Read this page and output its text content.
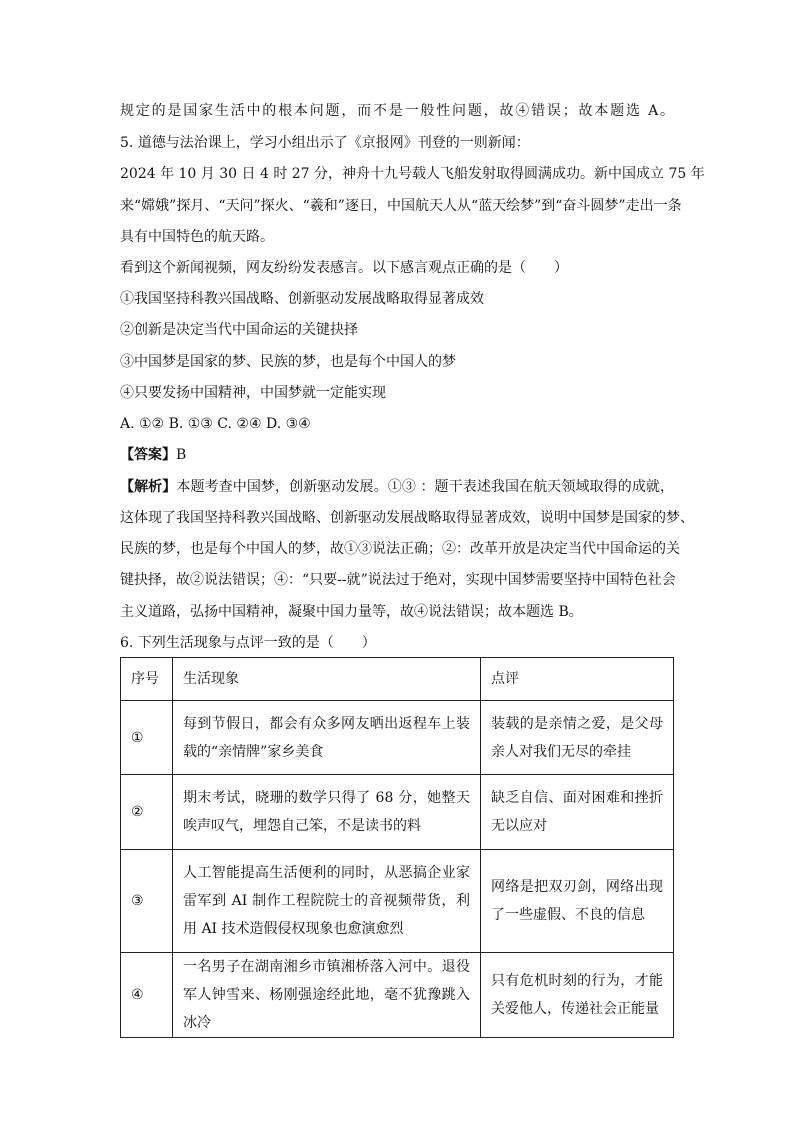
规定的是国家生活中的根本问题，而不是一般性问题，故④错误；故本题选 A。
5. 道德与法治课上，学习小组出示了《京报网》刊登的一则新闻：
2024 年 10 月 30 日 4 时 27 分，神舟十九号载人飞船发射取得圆满成功。新中国成立 75 年
来“嫦娥”探月、“天问”探火、“羲和”逐日，中国航天人从“蓝天绘梦”到“奋斗圆梦”走出一条
具有中国特色的航天路。
看到这个新闻视频，网友纷纷发表感言。以下感言观点正确的是（　　）
①我国坚持科教兴国战略、创新驱动发展战略取得显著成效
②创新是决定当代中国命运的关键抉择
③中国梦是国家的梦、民族的梦，也是每个中国人的梦
④只要发扬中国精神，中国梦就一定能实现
A. ①② B. ①③ C. ②④ D. ③④
【答案】B
【解析】本题考查中国梦，创新驱动发展。①③ ：题干表述我国在航天领域取得的成就，
这体现了我国坚持科教兴国战略、创新驱动发展战略取得显著成效，说明中国梦是国家的梦、
民族的梦，也是每个中国人的梦，故①③说法正确；②：改革开放是决定当代中国命运的关
键抉择，故②说法错误；④：“只要--就”说法过于绝对，实现中国梦需要坚持中国特色社会
主义道路，弘扬中国精神，凝聚中国力量等，故④说法错误；故本题选 B。
6. 下列生活现象与点评一致的是（　　）
序号	生活现象	点评
①	每到节假日，都会有众多网友晒出返程车上装载的“亲情牌”家乡美食	装载的是亲情之爱，是父母亲人对我们无尽的牵挂

②	期末考试，晓珊的数学只得了 68 分，她整天唉声叹气，埋怨自己笨，不是读书的料	缺乏自信、面对困难和挫折无以应对

③	人工智能提高生活便利的同时，从恶搞企业家雷军到 AI 制作工程院院士的音视频带货，利用 AI 技术造假侵权现象也愈演愈烈	网络是把双刃剑，网络出现了一些虚假、不良的信息

④	一名男子在湖南湘乡市镇湘桥落入河中。退役军人钟雪来、杨刚强途经此地，毫不犹豫跳入冰冷	只有危机时刻的行为，才能关爱他人，传递社会正能量
